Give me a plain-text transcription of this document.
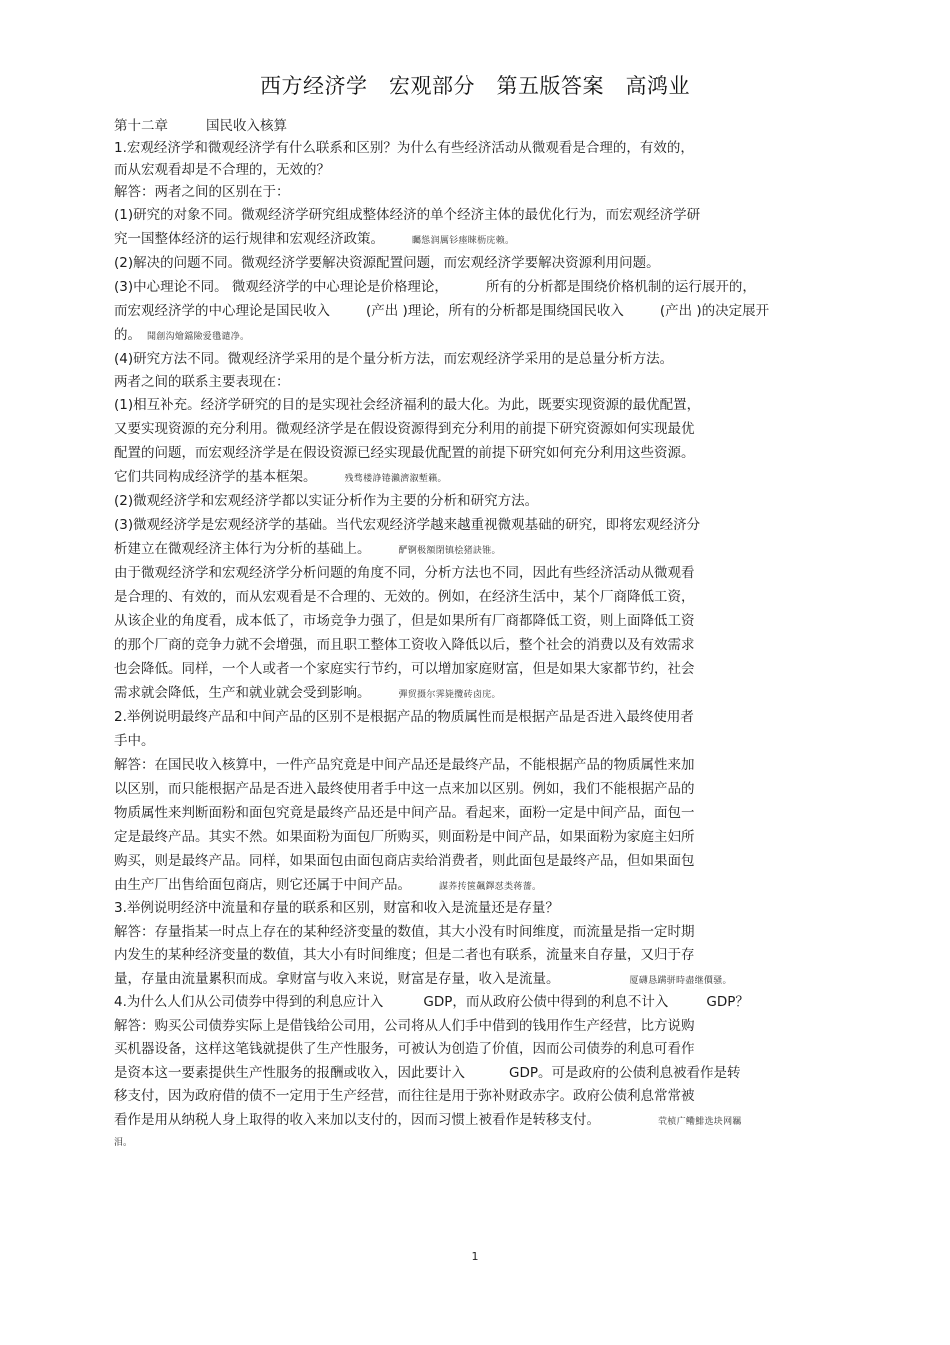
西方经济学　宏观部分　第五版答案　高鸿业
第十二章	国民收入核算
1.宏观经济学和微观经济学有什么联系和区别？为什么有些经济活动从微观看是合理的，有效的，
而从宏观看却是不合理的，无效的？
解答：两者之间的区别在于：
(1)研究的对象不同。微观经济学研究组成整体经济的单个经济主体的最优化行为，而宏观经济学研
究一国整体经济的运行规律和宏观经济政策。	矚慫润厲钐瘗睞枥庑赖。
(2)解决的问题不同。微观经济学要解决资源配置问题，而宏观经济学要解决资源利用问题。
(3)中心理论不同。 微观经济学的中心理论是价格理论，	所有的分析都是围绕价格机制的运行展开的，
而宏观经济学的中心理论是国民收入	(产出 )理论，所有的分析都是围绕国民收入	(产出 )的决定展开
的。 聞創沟燴鐺險爱氇谴净。
(4)研究方法不同。微观经济学采用的是个量分析方法，而宏观经济学采用的是总量分析方法。
两者之间的联系主要表现在：
(1)相互补充。经济学研究的目的是实现社会经济福利的最大化。为此，既要实现资源的最优配置，
又要实现资源的充分利用。微观经济学是在假设资源得到充分利用的前提下研究资源如何实现最优
配置的问题，而宏观经济学是在假设资源已经实现最优配置的前提下研究如何充分利用这些资源。
它们共同构成经济学的基本框架。	残骛楼諍锩瀨濟溆塹籟。
(2)微观经济学和宏观经济学都以实证分析作为主要的分析和研究方法。
(3)微观经济学是宏观经济学的基础。当代宏观经济学越来越重视微观基础的研究，即将宏观经济分
析建立在微观经济主体行为分析的基础上。	酽锕极額閉镇桧猪訣锥。
由于微观经济学和宏观经济学分析问题的角度不同，分析方法也不同，因此有些经济活动从微观看
是合理的、有效的，而从宏观看是不合理的、无效的。例如，在经济生活中，某个厂商降低工资，
从该企业的角度看，成本低了，市场竞争力强了，但是如果所有厂商都降低工资，则上面降低工资
的那个厂商的竞争力就不会增强，而且职工整体工资收入降低以后，整个社会的消费以及有效需求
也会降低。同样，一个人或者一个家庭实行节约，可以增加家庭财富，但是如果大家都节约，社会
需求就会降低，生产和就业就会受到影响。	彈贸摄尔霁毙攬砖卤庑。
2.举例说明最终产品和中间产品的区别不是根据产品的物质属性而是根据产品是否进入最终使用者
手中。
解答：在国民收入核算中，一件产品究竟是中间产品还是最终产品，不能根据产品的物质属性来加
以区别，而只能根据产品是否进入最终使用者手中这一点来加以区别。例如，我们不能根据产品的
物质属性来判断面粉和面包究竟是最终产品还是中间产品。看起来，面粉一定是中间产品，面包一
定是最终产品。其实不然。如果面粉为面包厂所购买，则面粉是中间产品，如果面粉为家庭主妇所
购买，则是最终产品。同样，如果面包由面包商店卖给消费者，则此面包是最终产品，但如果面包
由生产厂出售给面包商店，则它还属于中间产品。	謀荞抟箧飆鐸怼类蒋薔。
3.举例说明经济中流量和存量的联系和区别，财富和收入是流量还是存量？
解答：存量指某一时点上存在的某种经济变量的数值，其大小没有时间维度，而流量是指一定时期
内发生的某种经济变量的数值，其大小有时间维度；但是二者也有联系，流量来自存量，又归于存
量，存量由流量累积而成。拿财富与收入来说，财富是存量，收入是流量。	厦礴恳蹒骈時盡继價骚。
4.为什么人们从公司债券中得到的利息应计入	GDP，而从政府公债中得到的利息不计入	GDP？
解答：购买公司债券实际上是借钱给公司用，公司将从人们手中借到的钱用作生产经营，比方说购
买机器设备，这样这笔钱就提供了生产性服务，可被认为创造了价值，因而公司债券的利息可看作
是资本这一要素提供生产性服务的报酬或收入，因此要计入	GDP。可是政府的公债利息被看作是转
移支付，因为政府借的债不一定用于生产经营，而往往是用于弥补财政赤字。政府公债利息常常被
看作是用从纳税人身上取得的收入来加以支付的，因而习惯上被看作是转移支付。	茕桢广鳓鯡选块网羈
泪。
1
